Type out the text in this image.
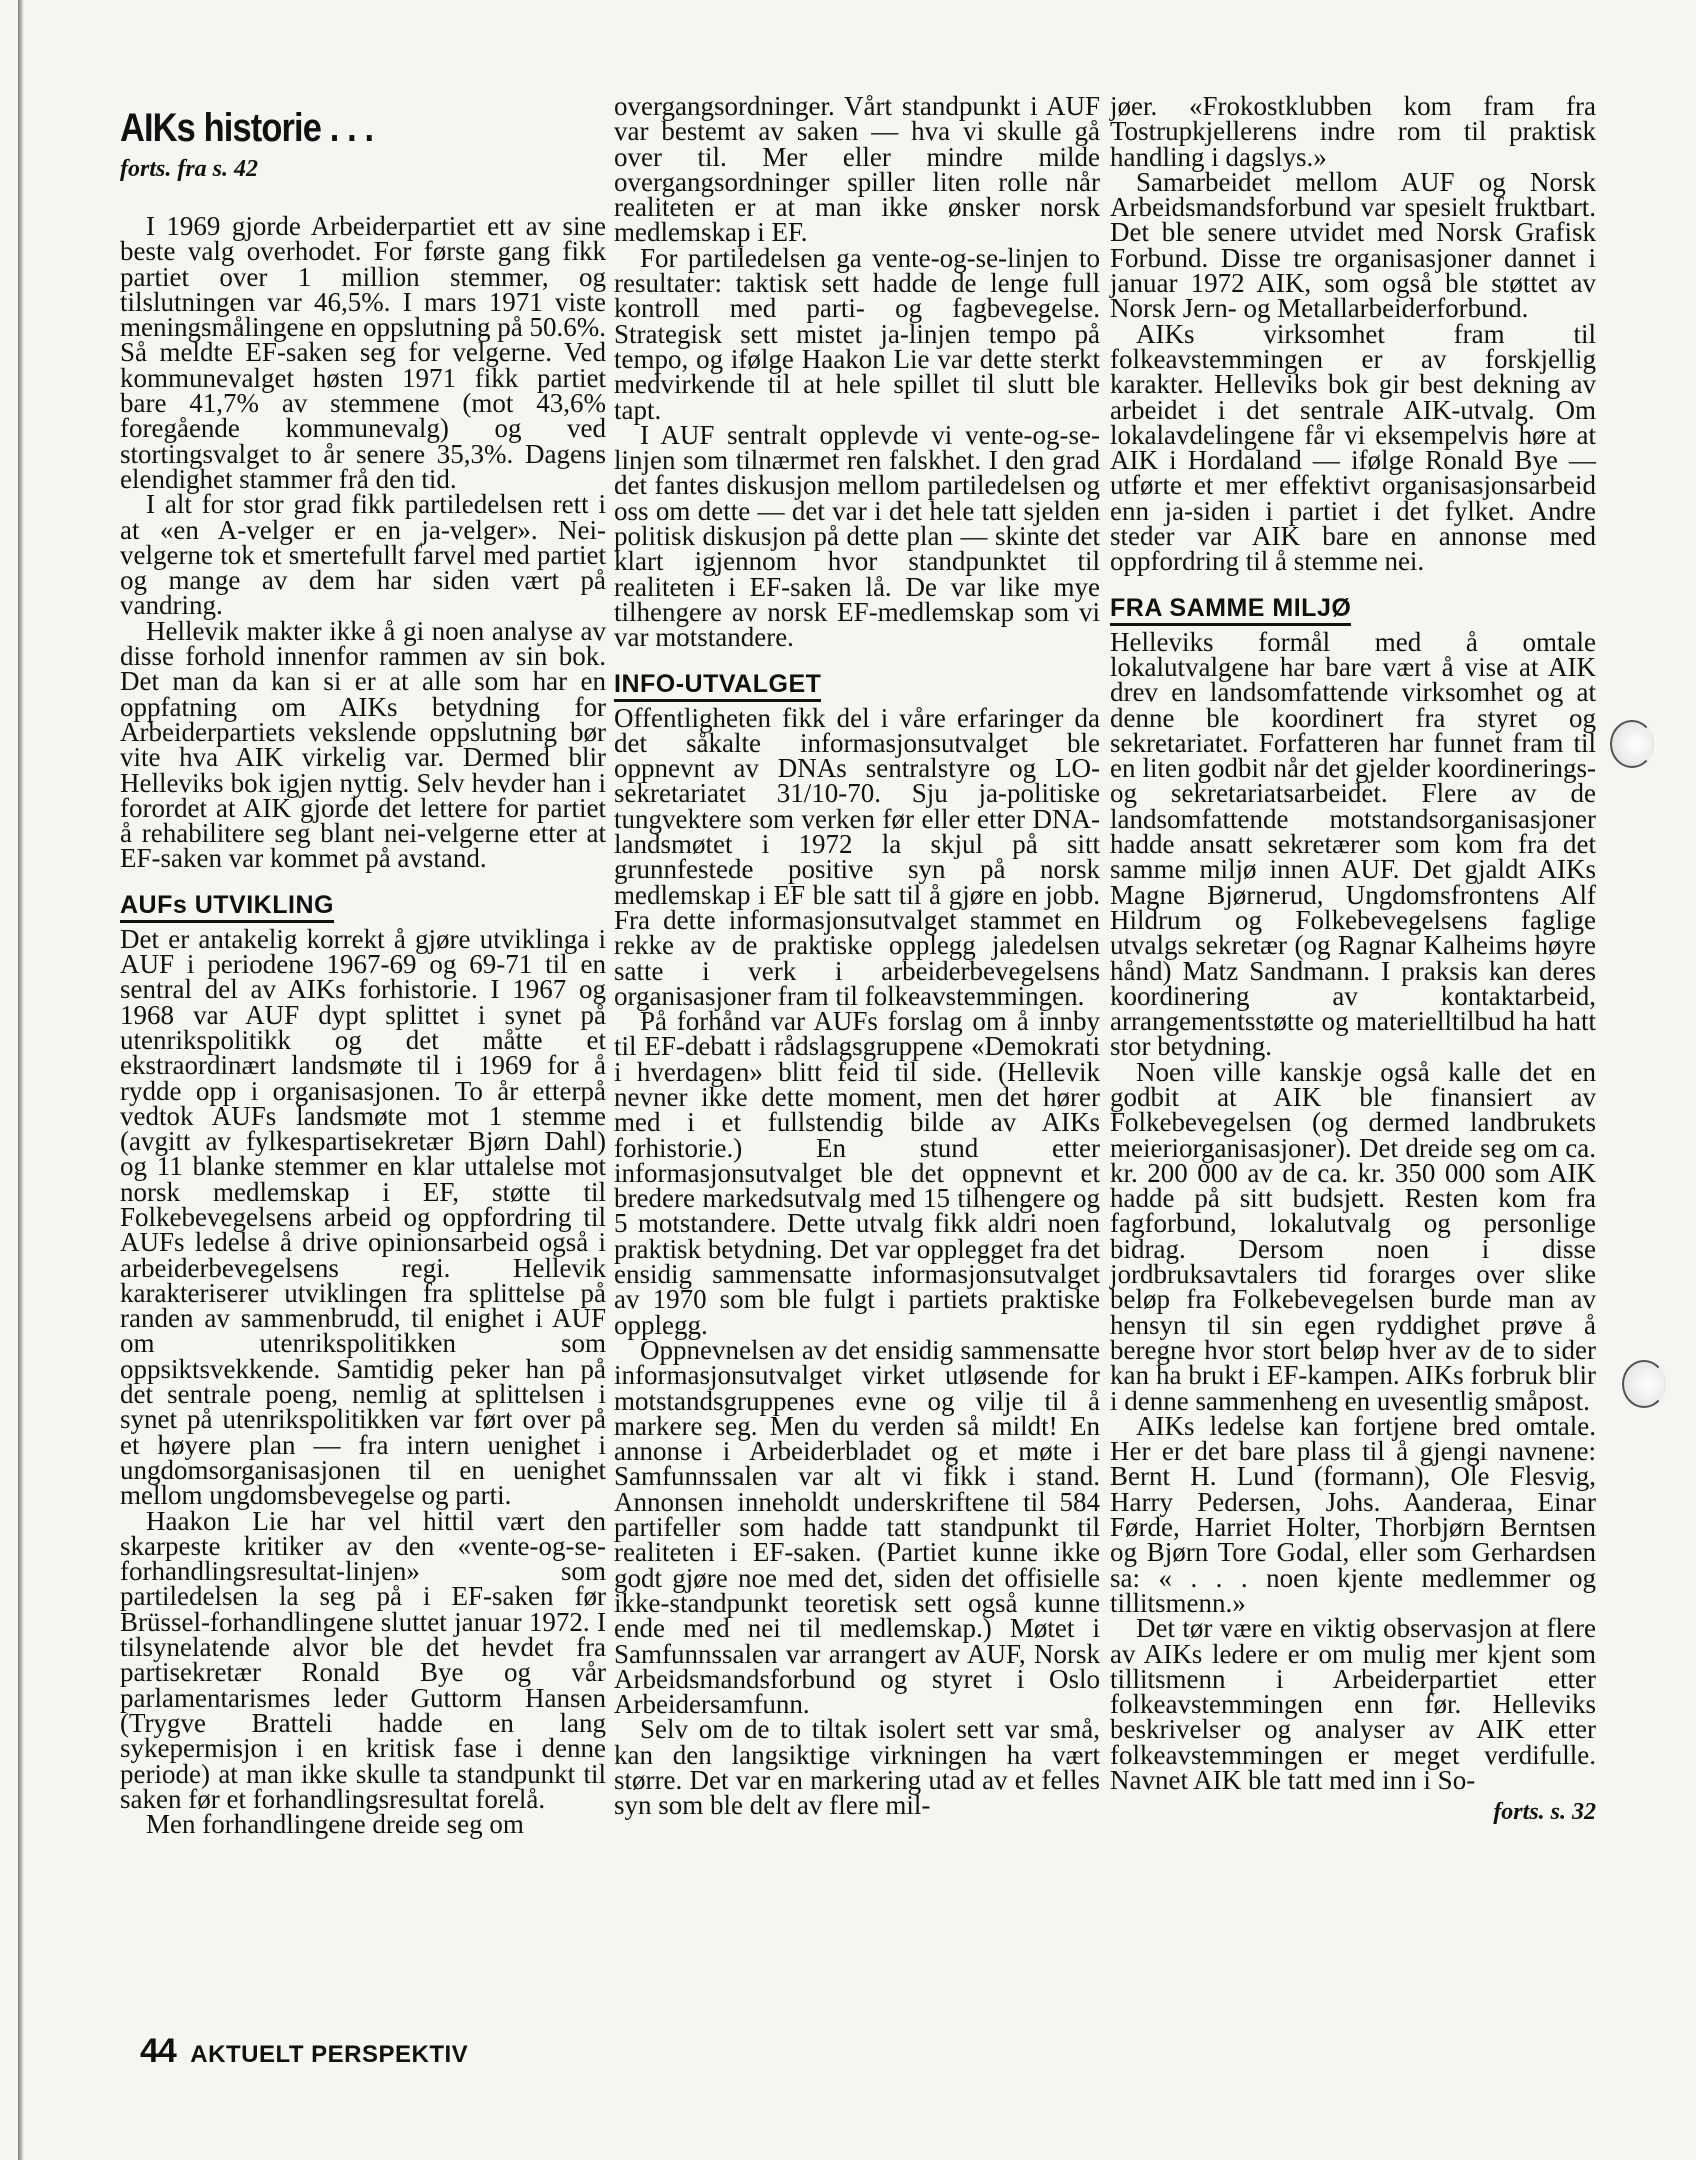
AIKs historie . . .
forts. fra s. 42

I 1969 gjorde Arbeiderpartiet ett av sine beste valg overhodet. For første gang fikk partiet over 1 million stemmer, og tilslutningen var 46,5%. I mars 1971 viste meningsmålingene en oppslutning på 50.6%. Så meldte EF-saken seg for velgerne. Ved kommunevalget høsten 1971 fikk partiet bare 41,7% av stemmene (mot 43,6% foregående kommunevalg) og ved stortingsvalget to år senere 35,3%. Dagens elendighet stammer frå den tid.

I alt for stor grad fikk partiledelsen rett i at «en A-velger er en ja-velger». Nei-velgerne tok et smertefullt farvel med partiet og mange av dem har siden vært på vandring.

Hellevik makter ikke å gi noen analyse av disse forhold innenfor rammen av sin bok. Det man da kan si er at alle som har en oppfatning om AIKs betydning for Arbeiderpartiets vekslende oppslutning bør vite hva AIK virkelig var. Dermed blir Helleviks bok igjen nyttig. Selv hevder han i forordet at AIK gjorde det lettere for partiet å rehabilitere seg blant nei-velgerne etter at EF-saken var kommet på avstand.

AUFs UTVIKLING

Det er antakelig korrekt å gjøre utviklinga i AUF i periodene 1967-69 og 69-71 til en sentral del av AIKs forhistorie. I 1967 og 1968 var AUF dypt splittet i synet på utenrikspolitikk og det måtte et ekstraordinært landsmøte til i 1969 for å rydde opp i organisasjonen. To år etterpå vedtok AUFs landsmøte mot 1 stemme (avgitt av fylkespartisekretær Bjørn Dahl) og 11 blanke stemmer en klar uttalelse mot norsk medlemskap i EF, støtte til Folkebevegelsens arbeid og oppfordring til AUFs ledelse å drive opinionsarbeid også i arbeiderbevegelsens regi. Hellevik karakteriserer utviklingen fra splittelse på randen av sammenbrudd, til enighet i AUF om utenrikspolitikken som oppsiktsvekkende. Samtidig peker han på det sentrale poeng, nemlig at splittelsen i synet på utenrikspolitikken var ført over på et høyere plan — fra intern uenighet i ungdomsorganisasjonen til en uenighet mellom ungdomsbevegelse og parti.

Haakon Lie har vel hittil vært den skarpeste kritiker av den «vente-og-se-forhandlingsresultat-linjen» som partiledelsen la seg på i EF-saken før Brüssel-forhandlingene sluttet januar 1972. I tilsynelatende alvor ble det hevdet fra partisekretær Ronald Bye og vår parlamentarismes leder Guttorm Hansen (Trygve Bratteli hadde en lang sykepermisjon i en kritisk fase i denne periode) at man ikke skulle ta standpunkt til saken før et forhandlingsresultat forelå.

Men forhandlingene dreide seg om

overgangsordninger. Vårt standpunkt i AUF var bestemt av saken — hva vi skulle gå over til. Mer eller mindre milde overgangsordninger spiller liten rolle når realiteten er at man ikke ønsker norsk medlemskap i EF.

For partiledelsen ga vente-og-se-linjen to resultater: taktisk sett hadde de lenge full kontroll med parti- og fagbevegelse. Strategisk sett mistet ja-linjen tempo på tempo, og ifølge Haakon Lie var dette sterkt medvirkende til at hele spillet til slutt ble tapt.

I AUF sentralt opplevde vi vente-og-se-linjen som tilnærmet ren falskhet. I den grad det fantes diskusjon mellom partiledelsen og oss om dette — det var i det hele tatt sjelden politisk diskusjon på dette plan — skinte det klart igjennom hvor standpunktet til realiteten i EF-saken lå. De var like mye tilhengere av norsk EF-medlemskap som vi var motstandere.

INFO-UTVALGET

Offentligheten fikk del i våre erfaringer da det såkalte informasjonsutvalget ble oppnevnt av DNAs sentralstyre og LO-sekretariatet 31/10-70. Sju ja-politiske tungvektere som verken før eller etter DNA-landsmøtet i 1972 la skjul på sitt grunnfestede positive syn på norsk medlemskap i EF ble satt til å gjøre en jobb. Fra dette informasjonsutvalget stammet en rekke av de praktiske opplegg jaledelsen satte i verk i arbeiderbevegelsens organisasjoner fram til folkeavstemmingen.

På forhånd var AUFs forslag om å innby til EF-debatt i rådslagsgruppene «Demokrati i hverdagen» blitt feid til side. (Hellevik nevner ikke dette moment, men det hører med i et fullstendig bilde av AIKs forhistorie.) En stund etter informasjonsutvalget ble det oppnevnt et bredere markedsutvalg med 15 tilhengere og 5 motstandere. Dette utvalg fikk aldri noen praktisk betydning. Det var opplegget fra det ensidig sammensatte informasjonsutvalget av 1970 som ble fulgt i partiets praktiske opplegg.

Oppnevnelsen av det ensidig sammensatte informasjonsutvalget virket utløsende for motstandsgruppenes evne og vilje til å markere seg. Men du verden så mildt! En annonse i Arbeiderbladet og et møte i Samfunnssalen var alt vi fikk i stand. Annonsen inneholdt underskriftene til 584 partifeller som hadde tatt standpunkt til realiteten i EF-saken. (Partiet kunne ikke godt gjøre noe med det, siden det offisielle ikke-standpunkt teoretisk sett også kunne ende med nei til medlemskap.) Møtet i Samfunnssalen var arrangert av AUF, Norsk Arbeidsmandsforbund og styret i Oslo Arbeidersamfunn.

Selv om de to tiltak isolert sett var små, kan den langsiktige virkningen ha vært større. Det var en markering utad av et felles syn som ble delt av flere mil-

jøer. «Frokostklubben kom fram fra Tostrupkjellerens indre rom til praktisk handling i dagslys.»

Samarbeidet mellom AUF og Norsk Arbeidsmandsforbund var spesielt fruktbart. Det ble senere utvidet med Norsk Grafisk Forbund. Disse tre organisasjoner dannet i januar 1972 AIK, som også ble støttet av Norsk Jern- og Metallarbeiderforbund.

AIKs virksomhet fram til folkeavstemmingen er av forskjellig karakter. Helleviks bok gir best dekning av arbeidet i det sentrale AIK-utvalg. Om lokalavdelingene får vi eksempelvis høre at AIK i Hordaland — ifølge Ronald Bye — utførte et mer effektivt organisasjonsarbeid enn ja-siden i partiet i det fylket. Andre steder var AIK bare en annonse med oppfordring til å stemme nei.

FRA SAMME MILJØ

Helleviks formål med å omtale lokalutvalgene har bare vært å vise at AIK drev en landsomfattende virksomhet og at denne ble koordinert fra styret og sekretariatet. Forfatteren har funnet fram til en liten godbit når det gjelder koordinerings- og sekretariatsarbeidet. Flere av de landsomfattende motstandsorganisasjoner hadde ansatt sekretærer som kom fra det samme miljø innen AUF. Det gjaldt AIKs Magne Bjørnerud, Ungdomsfrontens Alf Hildrum og Folkebevegelsens faglige utvalgs sekretær (og Ragnar Kalheims høyre hånd) Matz Sandmann. I praksis kan deres koordinering av kontaktarbeid, arrangementsstøtte og materielltilbud ha hatt stor betydning.

Noen ville kanskje også kalle det en godbit at AIK ble finansiert av Folkebevegelsen (og dermed landbrukets meieriorganisasjoner). Det dreide seg om ca. kr. 200 000 av de ca. kr. 350 000 som AIK hadde på sitt budsjett. Resten kom fra fagforbund, lokalutvalg og personlige bidrag. Dersom noen i disse jordbruksavtalers tid forarges over slike beløp fra Folkebevegelsen burde man av hensyn til sin egen ryddighet prøve å beregne hvor stort beløp hver av de to sider kan ha brukt i EF-kampen. AIKs forbruk blir i denne sammenheng en uvesentlig småpost.

AIKs ledelse kan fortjene bred omtale. Her er det bare plass til å gjengi navnene: Bernt H. Lund (formann), Ole Flesvig, Harry Pedersen, Johs. Aanderaa, Einar Førde, Harriet Holter, Thorbjørn Berntsen og Bjørn Tore Godal, eller som Gerhardsen sa: « . . . noen kjente medlemmer og tillitsmenn.»

Det tør være en viktig observasjon at flere av AIKs ledere er om mulig mer kjent som tillitsmenn i Arbeiderpartiet etter folkeavstemmingen enn før. Helleviks beskrivelser og analyser av AIK etter folkeavstemmingen er meget verdifulle. Navnet AIK ble tatt med inn i So-

forts. s. 32
44 AKTUELT PERSPEKTIV
